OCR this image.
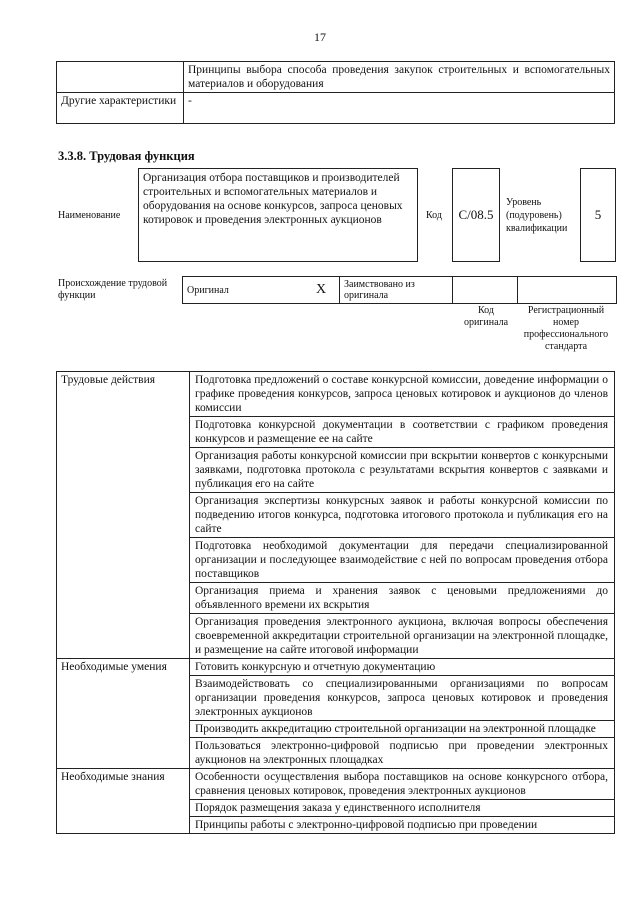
17
	Принципы выбора способа проведения закупок строительных и вспомогательных материалов и оборудования
Другие характеристики	-
3.3.8. Трудовая функция
Наименование
Организация отбора поставщиков и производителей строительных и вспомогательных материалов и оборудования на основе конкурсов, запроса ценовых котировок и проведения электронных аукционов	Код	C/08.5
Уровень (подуровень) квалификации
5
Происхождение трудовой функции	Оригинал	X	Заимствовано из оригинала		
Код оригинала
Регистрационный номер профессионального стандарта
Трудовые действия	Подготовка предложений о составе конкурсной комиссии, доведение информации о графике проведения конкурсов, запроса ценовых котировок и аукционов до членов комиссии
	Подготовка конкурсной документации в соответствии с графиком проведения конкурсов и размещение ее на сайте
	Организация работы конкурсной комиссии при вскрытии конвертов с конкурсными заявками, подготовка протокола с результатами вскрытия конвертов с заявками и публикация его на сайте
	Организация экспертизы конкурсных заявок и работы конкурсной комиссии по подведению итогов конкурса, подготовка итогового протокола и публикация его на сайте
	Подготовка необходимой документации для передачи специализированной организации и последующее взаимодействие с ней по вопросам проведения отбора поставщиков
	Организация приема и хранения заявок с ценовыми предложениями до объявленного времени их вскрытия
	Организация проведения электронного аукциона, включая вопросы обеспечения своевременной аккредитации строительной организации на электронной площадке, и размещение на сайте итоговой информации
Необходимые умения	Готовить конкурсную и отчетную документацию
	Взаимодействовать со специализированными организациями по вопросам организации проведения конкурсов, запроса ценовых котировок и проведения электронных аукционов
	Производить аккредитацию строительной организации на электронной площадке
	Пользоваться электронно-цифровой подписью при проведении электронных аукционов на электронных площадках
Необходимые знания	Особенности осуществления выбора поставщиков на основе конкурсного отбора, сравнения ценовых котировок, проведения электронных аукционов
	Порядок размещения заказа у единственного исполнителя
	Принципы работы с электронно-цифровой подписью при проведении
